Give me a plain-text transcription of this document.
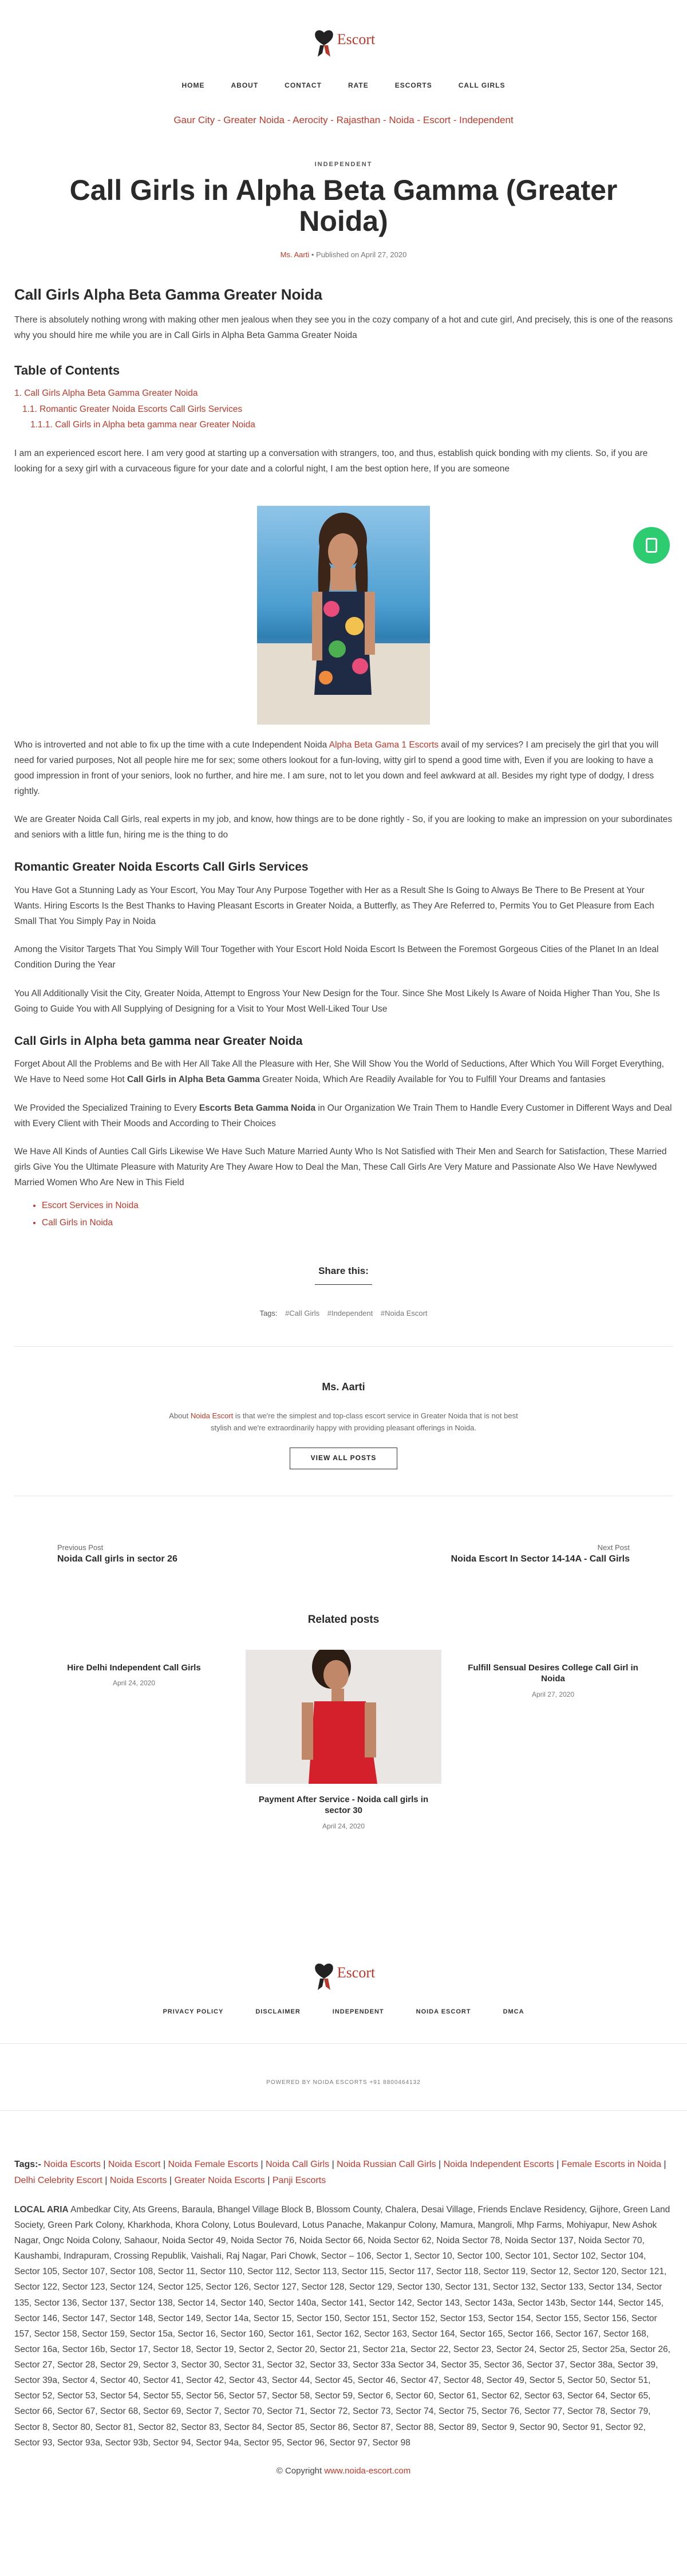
Escort
HOME	ABOUT	CONTACT	RATE	ESCORTS	CALL GIRLS
Gaur City - Greater Noida - Aerocity - Rajasthan - Noida - Escort - Independent
INDEPENDENT
Call Girls in Alpha Beta Gamma (Greater Noida)
Ms. Aarti • Published on April 27, 2020
Call Girls Alpha Beta Gamma Greater Noida

There is absolutely nothing wrong with making other men jealous when they see you in the cozy company of a hot and cute girl, And precisely, this is one of the reasons why you should hire me while you are in Call Girls in Alpha Beta Gamma Greater Noida

Table of Contents
1. Call Girls Alpha Beta Gamma Greater Noida
1.1. Romantic Greater Noida Escorts Call Girls Services
1.1.1. Call Girls in Alpha beta gamma near Greater Noida

I am an experienced escort here. I am very good at starting up a conversation with strangers, too, and thus, establish quick bonding with my clients. So, if you are looking for a sexy girl with a curvaceous figure for your date and a colorful night, I am the best option here, If you are someone

Who is introverted and not able to fix up the time with a cute Independent Noida Alpha Beta Gama 1 Escorts avail of my services? I am precisely the girl that you will need for varied purposes, Not all people hire me for sex; some others lookout for a fun-loving, witty girl to spend a good time with, Even if you are looking to have a good impression in front of your seniors, look no further, and hire me. I am sure, not to let you down and feel awkward at all. Besides my right type of dodgy, I dress rightly.

We are Greater Noida Call Girls, real experts in my job, and know, how things are to be done rightly - So, if you are looking to make an impression on your subordinates and seniors with a little fun, hiring me is the thing to do

Romantic Greater Noida Escorts Call Girls Services

You Have Got a Stunning Lady as Your Escort, You May Tour Any Purpose Together with Her as a Result She Is Going to Always Be There to Be Present at Your Wants. Hiring Escorts Is the Best Thanks to Having Pleasant Escorts in Greater Noida, a Butterfly, as They Are Referred to, Permits You to Get Pleasure from Each Small That You Simply Pay in Noida

Among the Visitor Targets That You Simply Will Tour Together with Your Escort Hold Noida Escort Is Between the Foremost Gorgeous Cities of the Planet In an Ideal Condition During the Year

You All Additionally Visit the City, Greater Noida, Attempt to Engross Your New Design for the Tour. Since She Most Likely Is Aware of Noida Higher Than You, She Is Going to Guide You with All Supplying of Designing for a Visit to Your Most Well-Liked Tour Use

Call Girls in Alpha beta gamma near Greater Noida

Forget About All the Problems and Be with Her All Take All the Pleasure with Her, She Will Show You the World of Seductions, After Which You Will Forget Everything, We Have to Need some Hot Call Girls in Alpha Beta Gamma Greater Noida, Which Are Readily Available for You to Fulfill Your Dreams and fantasies

We Provided the Specialized Training to Every Escorts Beta Gamma Noida in Our Organization We Train Them to Handle Every Customer in Different Ways and Deal with Every Client with Their Moods and According to Their Choices

We Have All Kinds of Aunties Call Girls Likewise We Have Such Mature Married Aunty Who Is Not Satisfied with Their Men and Search for Satisfaction, These Married girls Give You the Ultimate Pleasure with Maturity Are They Aware How to Deal the Man, These Call Girls Are Very Mature and Passionate Also We Have Newlywed Married Women Who Are New in This Field

• Escort Services in Noida
• Call Girls in Noida
Share this:
Tags: #Call Girls #Independent #Noida Escort
Ms. Aarti
About Noida Escort is that we're the simplest and top-class escort service in Greater Noida that is not best stylish and we're extraordinarily happy with providing pleasant offerings in Noida.
VIEW ALL POSTS
Previous Post
Noida Call girls in sector 26
Next Post
Noida Escort In Sector 14-14A - Call Girls
Related posts
Hire Delhi Independent Call Girls
April 24, 2020
Payment After Service - Noida call girls in sector 30
April 24, 2020
Fulfill Sensual Desires College Call Girl in Noida
April 27, 2020
Escort
PRIVACY POLICY	DISCLAIMER	INDEPENDENT	NOIDA ESCORT	DMCA
POWERED BY NOIDA ESCORTS +91 8800464132
Tags:- Noida Escorts | Noida Escort | Noida Female Escorts | Noida Call Girls | Noida Russian Call Girls | Noida Independent Escorts | Female Escorts in Noida | Delhi Celebrity Escort | Noida Escorts | Greater Noida Escorts | Panji Escorts
LOCAL ARIA Ambedkar City, Ats Greens, Baraula, Bhangel Village Block B, Blossom County, Chalera, Desai Village, Friends Enclave Residency, Gijhore, Green Land Society, Green Park Colony, Kharkhoda, Khora Colony, Lotus Boulevard, Lotus Panache, Makanpur Colony, Mamura, Mangroli, Mhp Farms, Mohiyapur, New Ashok Nagar, Ongc Noida Colony, Sahaour, Noida Sector 49, Noida Sector 76, Noida Sector 66, Noida Sector 62, Noida Sector 78, Noida Sector 137, Noida Sector 70, Kaushambi, Indrapuram, Crossing Republik, Vaishali, Raj Nagar, Pari Chowk, Sector – 106, Sector 1, Sector 10, Sector 100, Sector 101, Sector 102, Sector 104, Sector 105, Sector 107, Sector 108, Sector 11, Sector 110, Sector 112, Sector 113, Sector 115, Sector 117, Sector 118, Sector 119, Sector 12, Sector 120, Sector 121, Sector 122, Sector 123, Sector 124, Sector 125, Sector 126, Sector 127, Sector 128, Sector 129, Sector 130, Sector 131, Sector 132, Sector 133, Sector 134, Sector 135, Sector 136, Sector 137, Sector 138, Sector 14, Sector 140, Sector 140a, Sector 141, Sector 142, Sector 143, Sector 143a, Sector 143b, Sector 144, Sector 145, Sector 146, Sector 147, Sector 148, Sector 149, Sector 14a, Sector 15, Sector 150, Sector 151, Sector 152, Sector 153, Sector 154, Sector 155, Sector 156, Sector 157, Sector 158, Sector 159, Sector 15a, Sector 16, Sector 160, Sector 161, Sector 162, Sector 163, Sector 164, Sector 165, Sector 166, Sector 167, Sector 168, Sector 16a, Sector 16b, Sector 17, Sector 18, Sector 19, Sector 2, Sector 20, Sector 21, Sector 21a, Sector 22, Sector 23, Sector 24, Sector 25, Sector 25a, Sector 26, Sector 27, Sector 28, Sector 29, Sector 3, Sector 30, Sector 31, Sector 32, Sector 33, Sector 33a Sector 34, Sector 35, Sector 36, Sector 37, Sector 38a, Sector 39, Sector 39a, Sector 4, Sector 40, Sector 41, Sector 42, Sector 43, Sector 44, Sector 45, Sector 46, Sector 47, Sector 48, Sector 49, Sector 5, Sector 50, Sector 51, Sector 52, Sector 53, Sector 54, Sector 55, Sector 56, Sector 57, Sector 58, Sector 59, Sector 6, Sector 60, Sector 61, Sector 62, Sector 63, Sector 64, Sector 65, Sector 66, Sector 67, Sector 68, Sector 69, Sector 7, Sector 70, Sector 71, Sector 72, Sector 73, Sector 74, Sector 75, Sector 76, Sector 77, Sector 78, Sector 79, Sector 8, Sector 80, Sector 81, Sector 82, Sector 83, Sector 84, Sector 85, Sector 86, Sector 87, Sector 88, Sector 89, Sector 9, Sector 90, Sector 91, Sector 92, Sector 93, Sector 93a, Sector 93b, Sector 94, Sector 94a, Sector 95, Sector 96, Sector 97, Sector 98
© Copyright www.noida-escort.com
